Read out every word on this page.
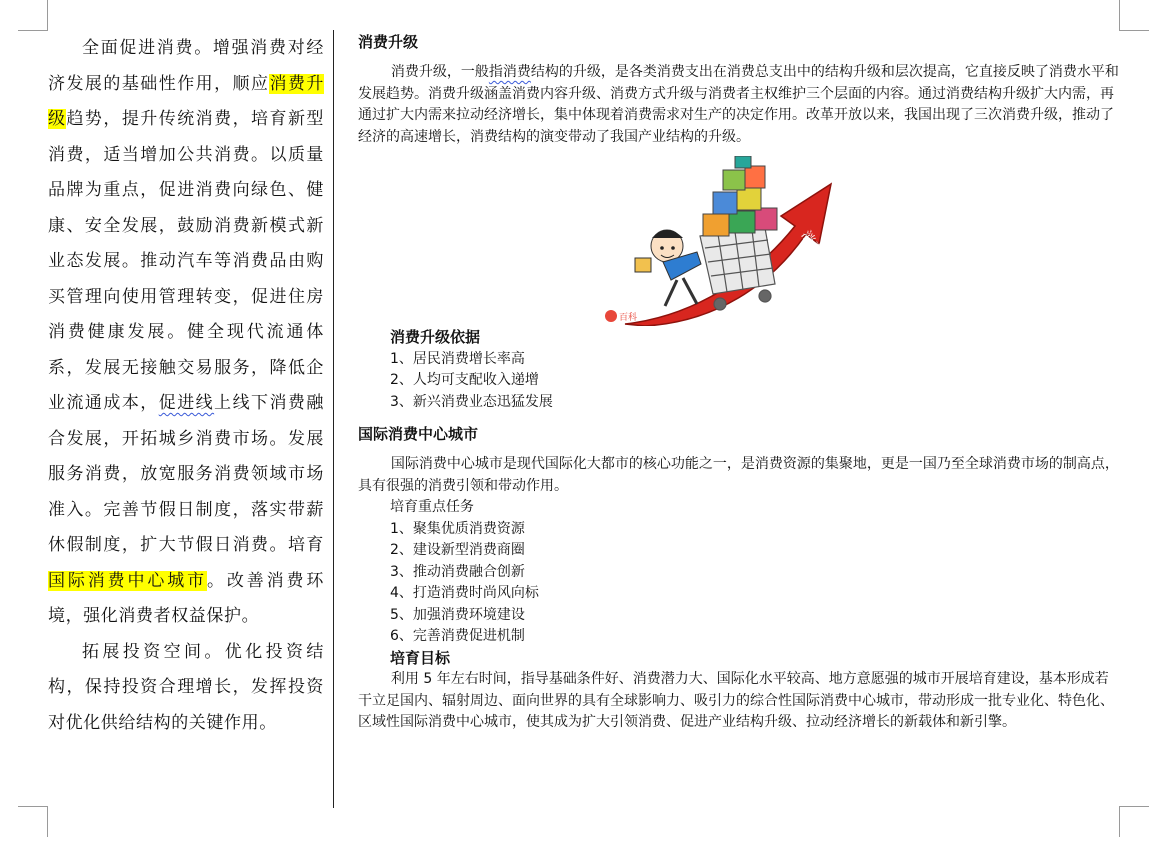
全面促进消费。增强消费对经济发展的基础性作用，顺应消费升级趋势，提升传统消费，培育新型消费，适当增加公共消费。以质量品牌为重点，促进消费向绿色、健康、安全发展，鼓励消费新模式新业态发展。推动汽车等消费品由购买管理向使用管理转变，促进住房消费健康发展。健全现代流通体系，发展无接触交易服务，降低企业流通成本，促进线上线下消费融合发展，开拓城乡消费市场。发展服务消费，放宽服务消费领域市场准入。完善节假日制度，落实带薪休假制度，扩大节假日消费。培育国际消费中心城市。改善消费环境，强化消费者权益保护。

拓展投资空间。优化投资结构，保持投资合理增长，发挥投资对优化供给结构的关键作用。

消费升级

消费升级，一般指消费结构的升级，是各类消费支出在消费总支出中的结构升级和层次提高，它直接反映了消费水平和发展趋势。消费升级涵盖消费内容升级、消费方式升级与消费者主权维护三个层面的内容。通过消费结构升级扩大内需，再通过扩大内需来拉动经济增长，集中体现着消费需求对生产的决定作用。改革开放以来，我国出现了三次消费升级，推动了经济的高速增长，消费结构的演变带动了我国产业结构的升级。

消费升级
百科

消费升级依据

1、居民消费增长率高

2、人均可支配收入递增

3、新兴消费业态迅猛发展

国际消费中心城市

国际消费中心城市是现代国际化大都市的核心功能之一，是消费资源的集聚地，更是一国乃至全球消费市场的制高点，具有很强的消费引领和带动作用。

培育重点任务

1、聚集优质消费资源

2、建设新型消费商圈

3、推动消费融合创新

4、打造消费时尚风向标

5、加强消费环境建设

6、完善消费促进机制

培育目标

利用 5 年左右时间，指导基础条件好、消费潜力大、国际化水平较高、地方意愿强的城市开展培育建设，基本形成若干立足国内、辐射周边、面向世界的具有全球影响力、吸引力的综合性国际消费中心城市，带动形成一批专业化、特色化、区域性国际消费中心城市，使其成为扩大引领消费、促进产业结构升级、拉动经济增长的新载体和新引擎。
